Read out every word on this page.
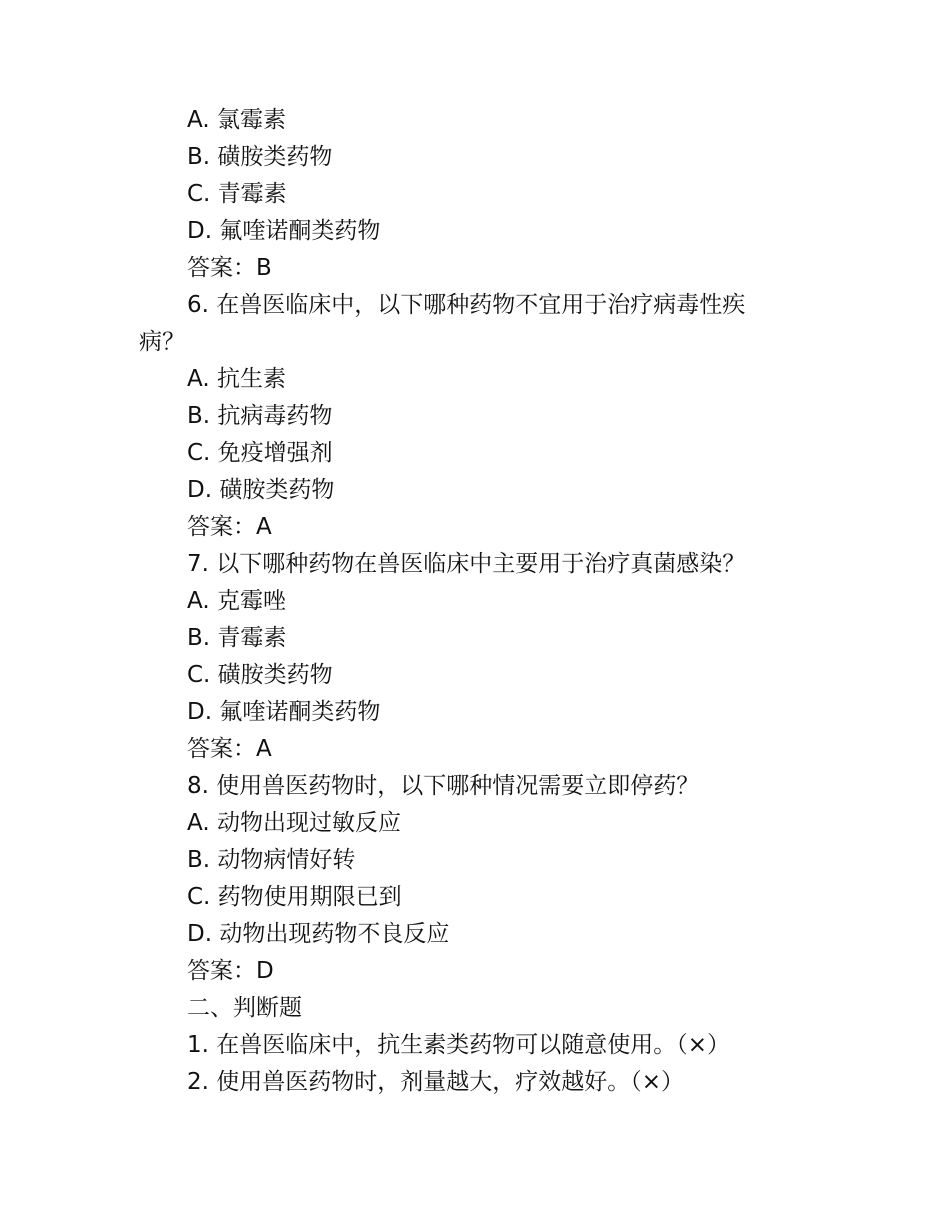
A. 氯霉素
B. 磺胺类药物
C. 青霉素
D. 氟喹诺酮类药物
答案：B
6. 在兽医临床中，以下哪种药物不宜用于治疗病毒性疾
病？
A. 抗生素
B. 抗病毒药物
C. 免疫增强剂
D. 磺胺类药物
答案：A
7. 以下哪种药物在兽医临床中主要用于治疗真菌感染？
A. 克霉唑
B. 青霉素
C. 磺胺类药物
D. 氟喹诺酮类药物
答案：A
8. 使用兽医药物时，以下哪种情况需要立即停药？
A. 动物出现过敏反应
B. 动物病情好转
C. 药物使用期限已到
D. 动物出现药物不良反应
答案：D
二、判断题
1. 在兽医临床中，抗生素类药物可以随意使用。（×）
2. 使用兽医药物时，剂量越大，疗效越好。（×）
